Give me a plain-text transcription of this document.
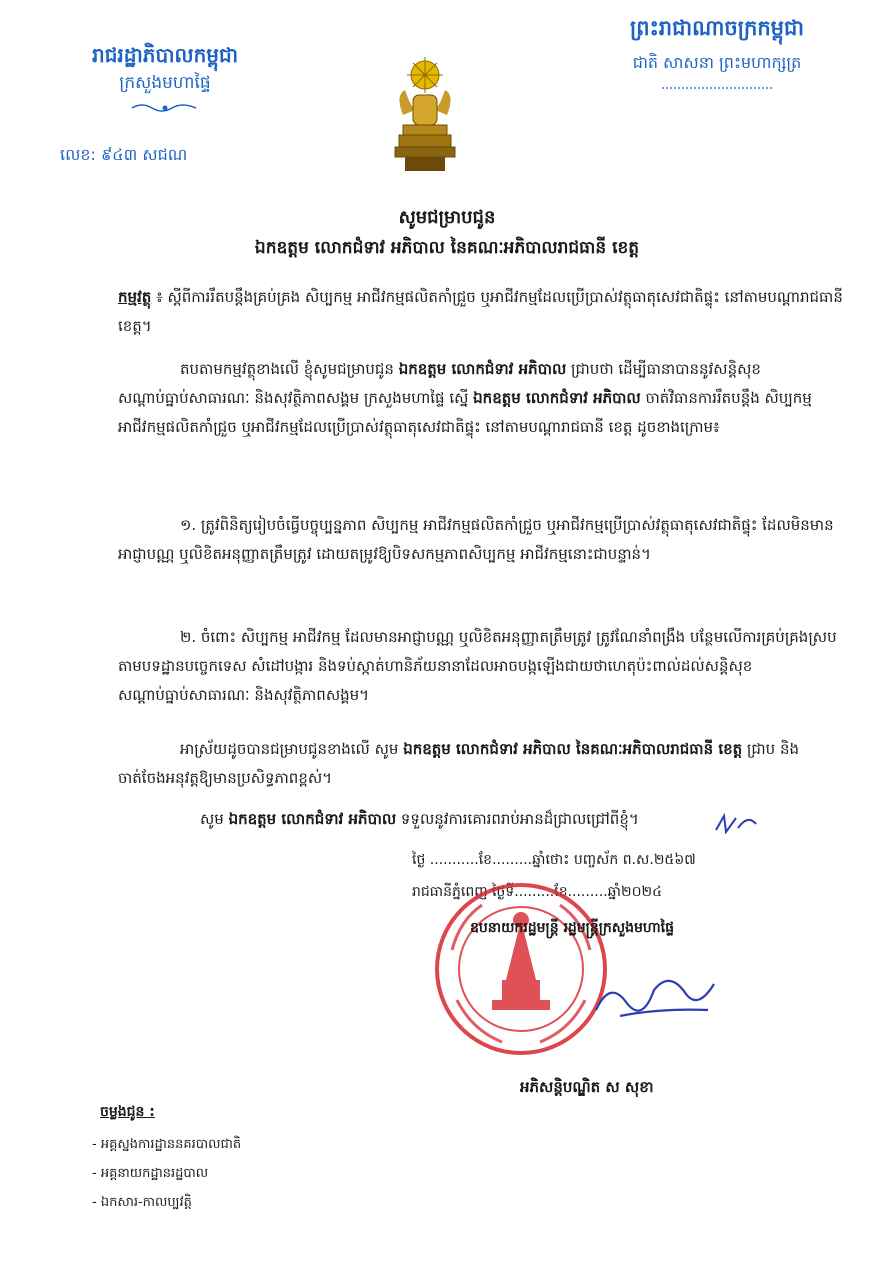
រាជរដ្ឋាភិបាលកម្ពុជា
ក្រសួងមហាផ្ទៃ
លេខ: ៩៤៣ សជណ
ព្រះរាជាណាចក្រកម្ពុជា
ជាតិ សាសនា ព្រះមហាក្សត្រ
សូមជម្រាបជូន
ឯកឧត្តម លោកជំទាវ អភិបាល នៃគណៈអភិបាលរាជធានី ខេត្ត
កម្មវត្ថុ ៖ ស្តីពីការរឹតបន្តឹងគ្រប់គ្រង សិប្បកម្ម អាជីវកម្មផលិតកាំជ្រួច ឬអាជីវកម្មដែលប្រើប្រាស់វត្ថុធាតុសេវជាតិផ្ទុះ នៅតាមបណ្តារាជធានី ខេត្ត។
តបតាមកម្មវត្ថុខាងលើ ខ្ញុំសូមជម្រាបជូន ឯកឧត្តម លោកជំទាវ អភិបាល ជ្រាបថា ដើម្បីធានាបាននូវសន្តិសុខ សណ្តាប់ធ្នាប់សាធារណៈ និងសុវត្ថិភាពសង្គម ក្រសួងមហាផ្ទៃ ស្នើ ឯកឧត្តម លោកជំទាវ អភិបាល ចាត់វិធានការរឹតបន្តឹង សិប្បកម្ម អាជីវកម្មផលិតកាំជ្រួច ឬអាជីវកម្មដែលប្រើប្រាស់វត្ថុធាតុសេវជាតិផ្ទុះ នៅតាមបណ្តារាជធានី ខេត្ត ដូចខាងក្រោម៖
១. ត្រូវពិនិត្យរៀបចំធ្វើបច្ចុប្បន្នភាព សិប្បកម្ម អាជីវកម្មផលិតកាំជ្រួច ឬអាជីវកម្មប្រើប្រាស់វត្ថុធាតុសេវជាតិផ្ទុះ ដែលមិនមានអាជ្ញាបណ្ណ ឬលិខិតអនុញ្ញាតត្រឹមត្រូវ ដោយតម្រូវឱ្យបិទសកម្មភាពសិប្បកម្ម អាជីវកម្មនោះជាបន្ទាន់។
២. ចំពោះ សិប្បកម្ម អាជីវកម្ម ដែលមានអាជ្ញាបណ្ណ ឬលិខិតអនុញ្ញាតត្រឹមត្រូវ ត្រូវណែនាំពង្រឹង បន្ថែមលើការគ្រប់គ្រងស្របតាមបទដ្ឋានបច្ចេកទេស សំដៅបង្ការ និងទប់ស្កាត់ហានិភ័យនានាដែលអាចបង្កឡើងជាយថាហេតុប៉ះពាល់ដល់សន្តិសុខ សណ្តាប់ធ្នាប់សាធារណៈ និងសុវត្ថិភាពសង្គម។
អាស្រ័យដូចបានជម្រាបជូនខាងលើ សូម ឯកឧត្តម លោកជំទាវ អភិបាល នៃគណៈអភិបាលរាជធានី ខេត្ត ជ្រាប និងចាត់ចែងអនុវត្តឱ្យមានប្រសិទ្ធភាពខ្ពស់។
សូម ឯកឧត្តម លោកជំទាវ អភិបាល ទទួលនូវការគោរពរាប់អានដ៏ជ្រាលជ្រៅពីខ្ញុំ។
ថ្ងៃ ...........ខែ.........ឆ្នាំថោះ បញ្ចស័ក ព.ស.២៥៦៧
រាជធានីភ្នំពេញ ថ្ងៃទី.........ខែ.........ឆ្នាំ២០២៤
ឧបនាយករដ្ឋមន្ត្រី រដ្ឋមន្ត្រីក្រសួងមហាផ្ទៃ
អភិសន្តិបណ្ឌិត ស សុខា
ចម្លងជូន :
- អគ្គស្នងការដ្ឋាននគរបាលជាតិ
- អគ្គនាយកដ្ឋានរដ្ឋបាល
- ឯកសារ-កាលប្បវត្តិ
